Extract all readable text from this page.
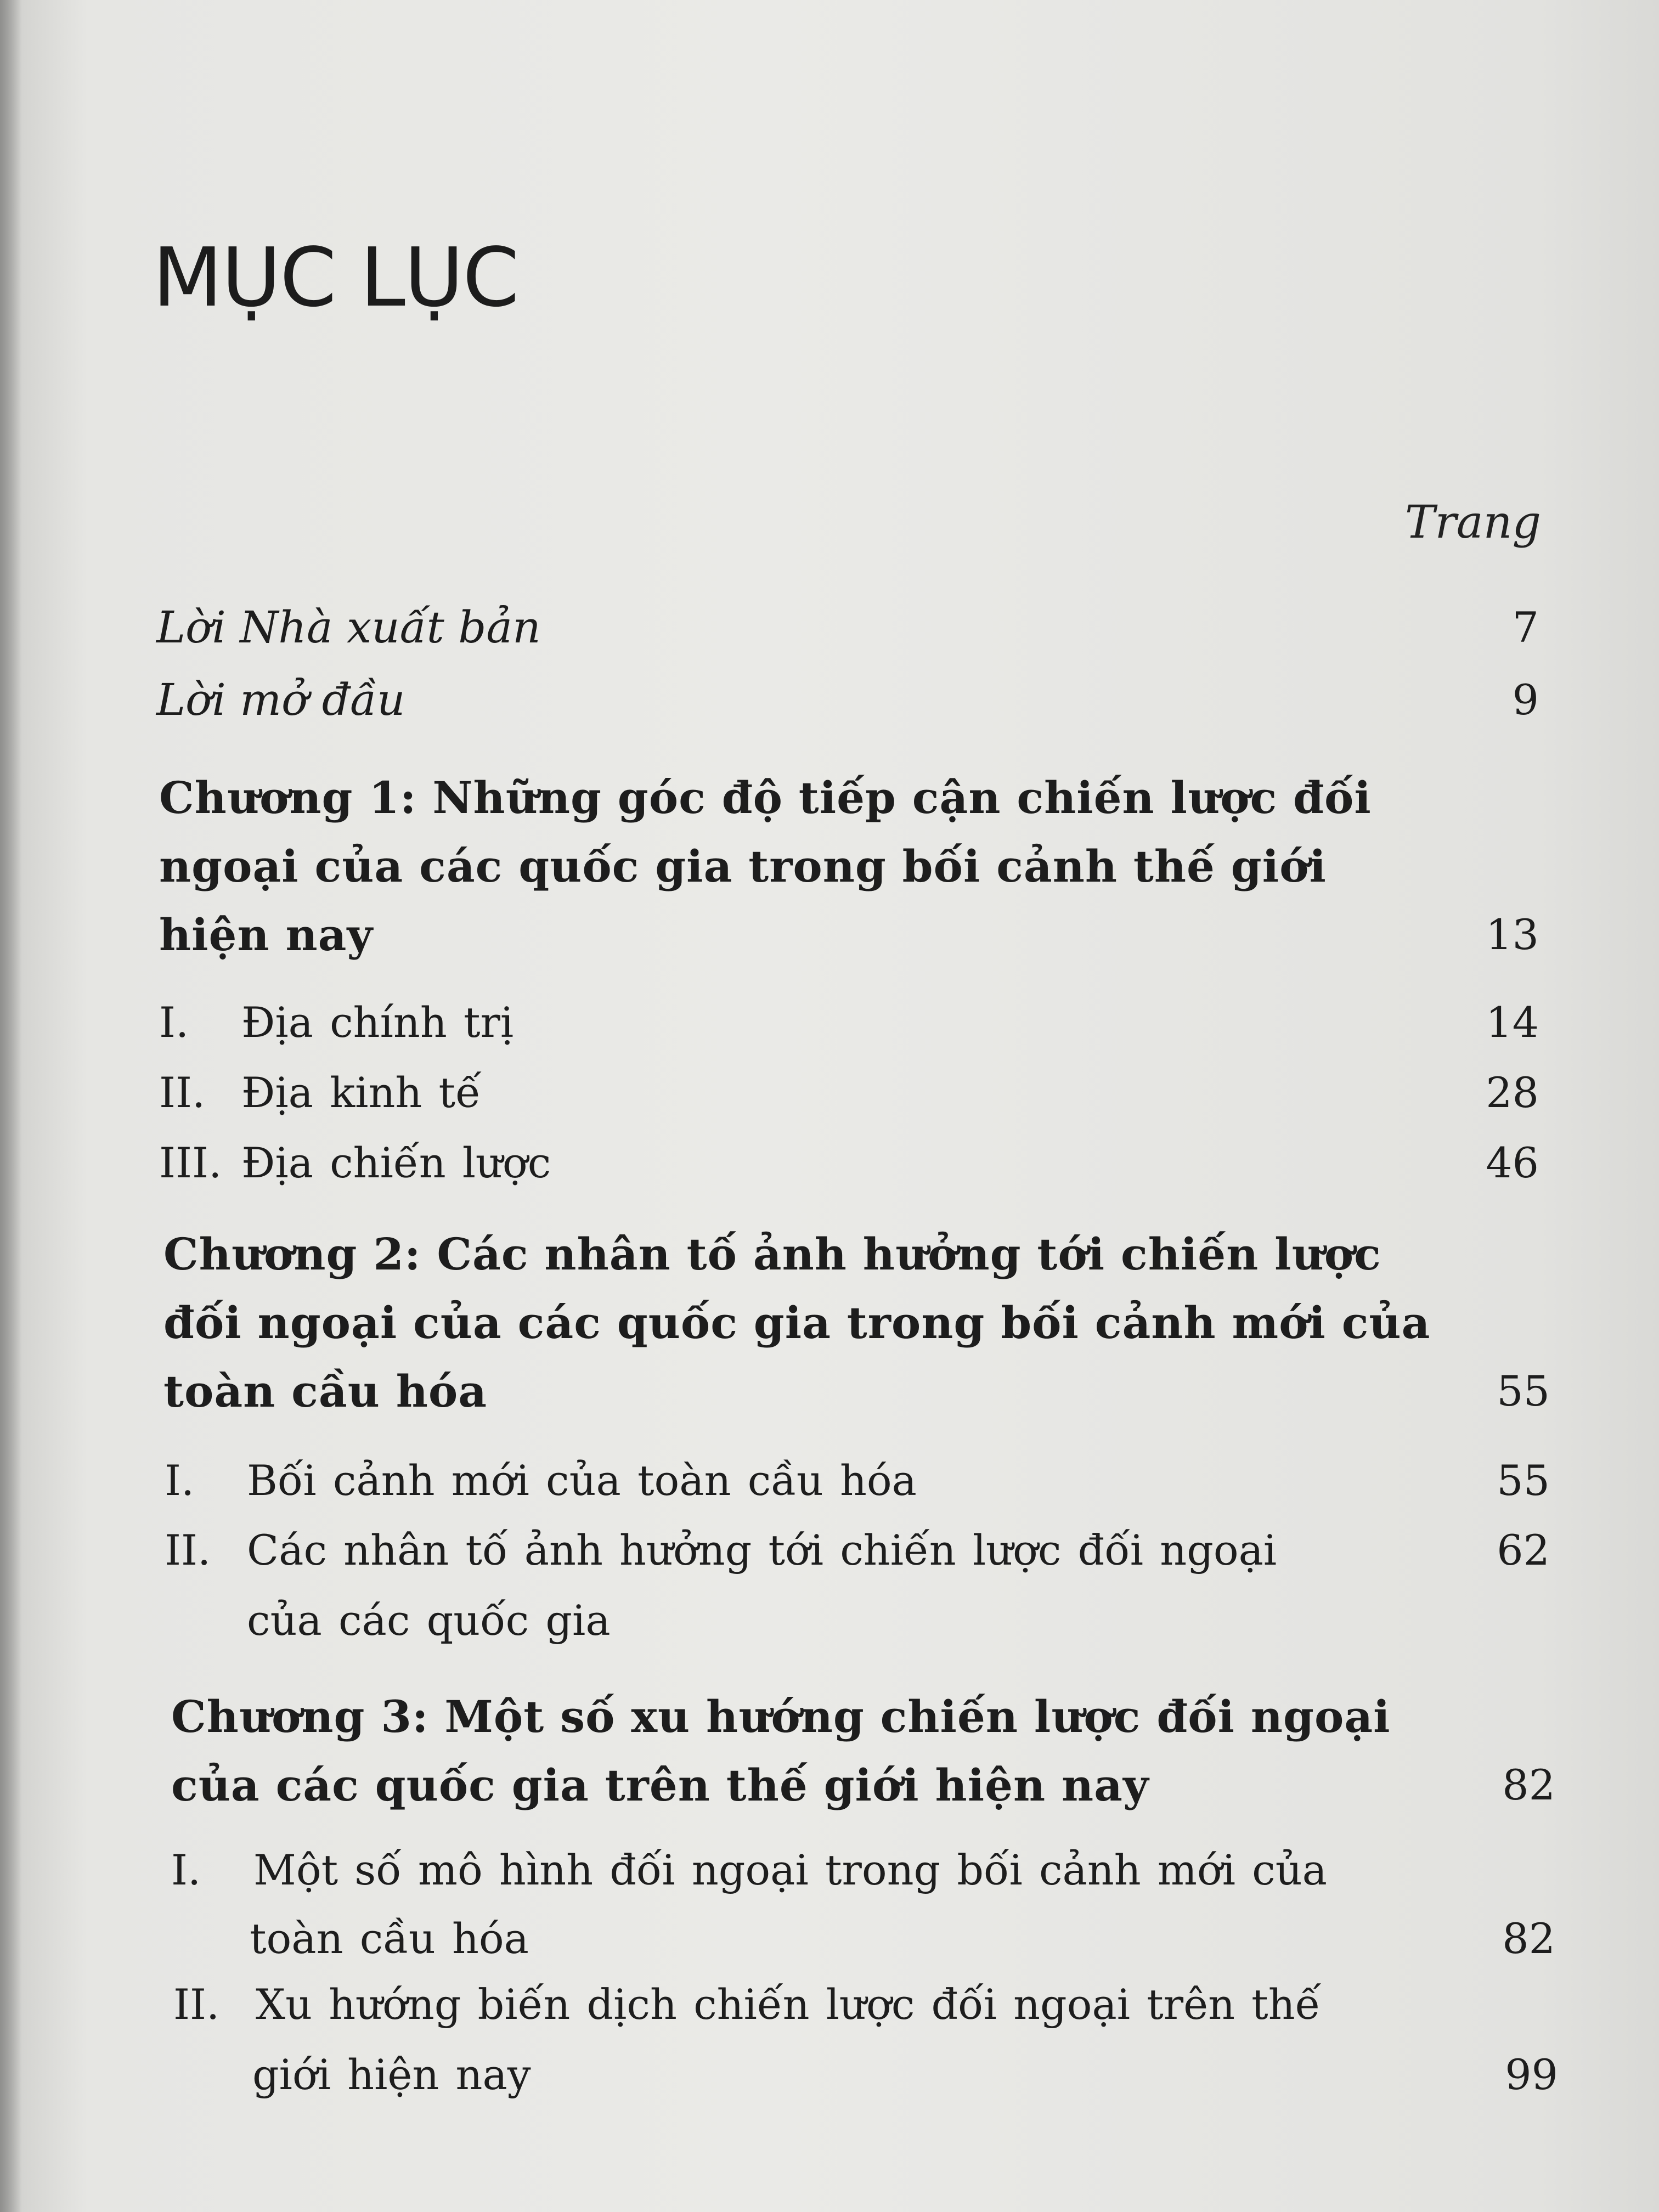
MỤC LỤC
Trang
Lời Nhà xuất bản	7
Lời mở đầu	9
Chương 1: Những góc độ tiếp cận chiến lược đối
ngoại của các quốc gia trong bối cảnh thế giới
hiện nay	13
I. Địa chính trị	14
II. Địa kinh tế	28
III. Địa chiến lược	46
Chương 2: Các nhân tố ảnh hưởng tới chiến lược
đối ngoại của các quốc gia trong bối cảnh mới của
toàn cầu hóa	55
I. Bối cảnh mới của toàn cầu hóa	55
II. Các nhân tố ảnh hưởng tới chiến lược đối ngoại	62
của các quốc gia
Chương 3: Một số xu hướng chiến lược đối ngoại
của các quốc gia trên thế giới hiện nay	82
I. Một số mô hình đối ngoại trong bối cảnh mới của
toàn cầu hóa	82
II. Xu hướng biến dịch chiến lược đối ngoại trên thế
giới hiện nay	99
